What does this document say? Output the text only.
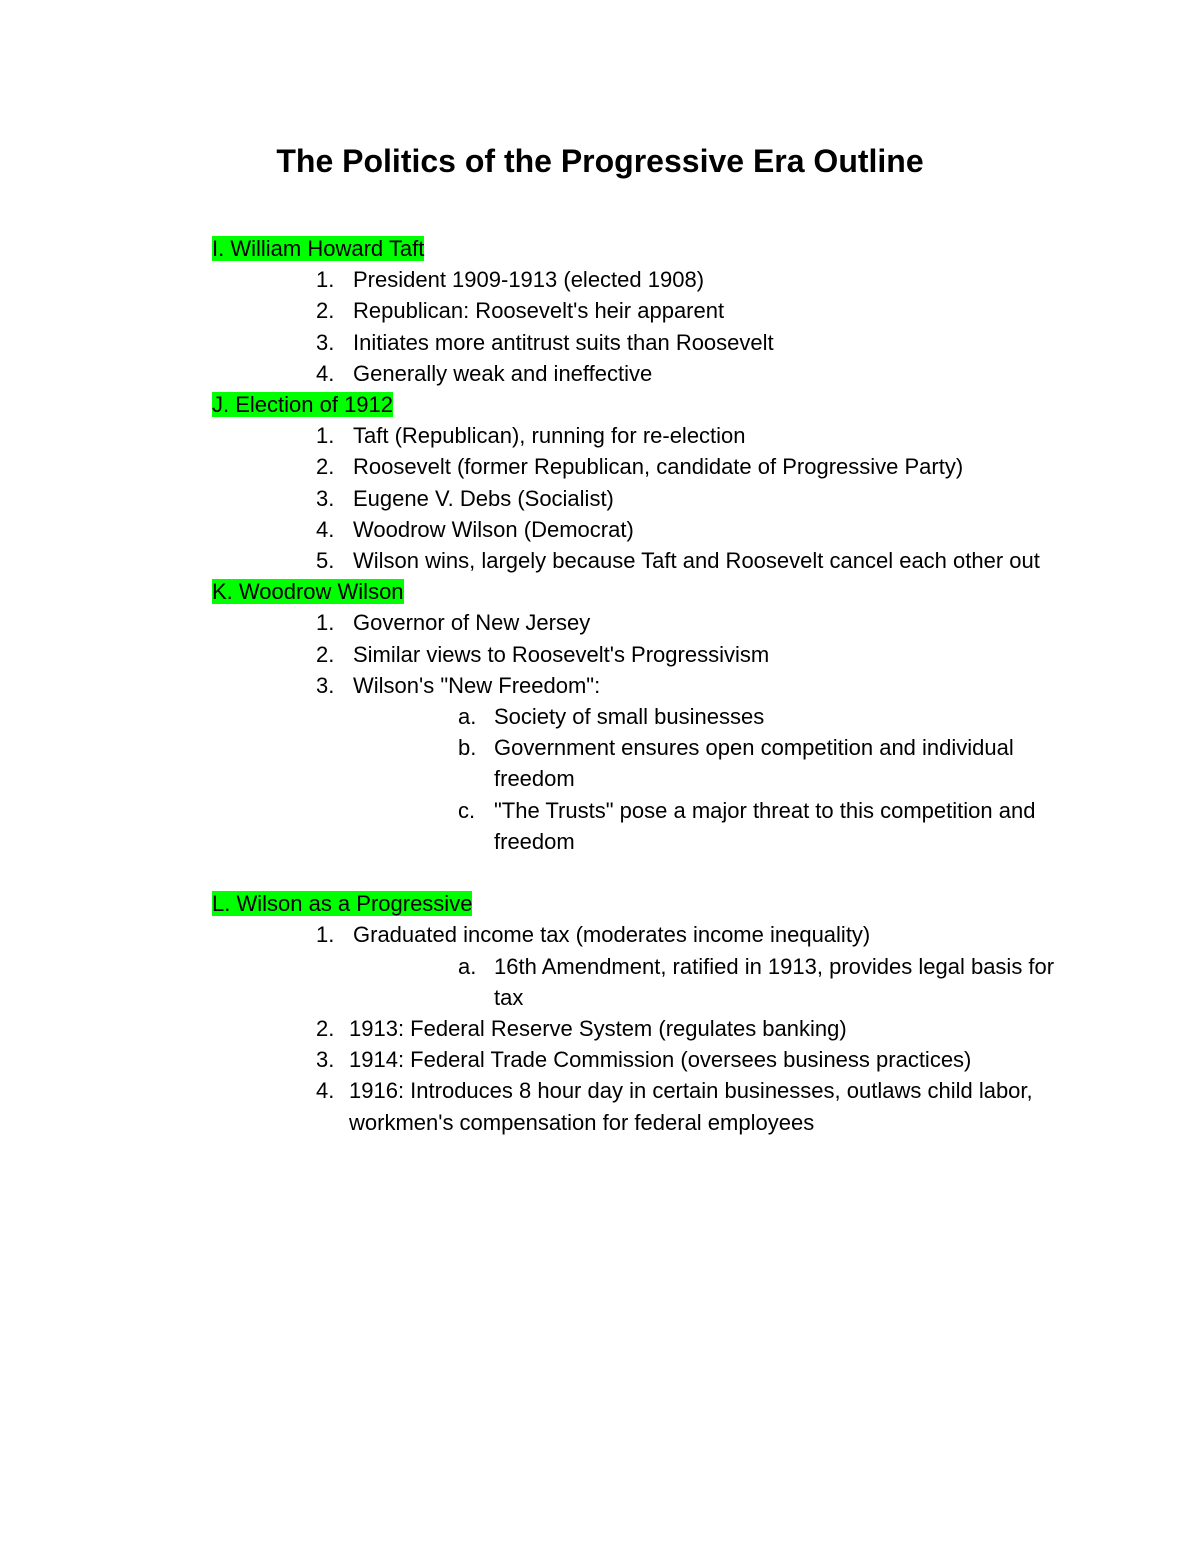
The Politics of the Progressive Era Outline
I. William Howard Taft
1. President 1909-1913 (elected 1908)
2. Republican: Roosevelt's heir apparent
3. Initiates more antitrust suits than Roosevelt
4. Generally weak and ineffective
J. Election of 1912
1. Taft (Republican), running for re-election
2. Roosevelt (former Republican, candidate of Progressive Party)
3. Eugene V. Debs (Socialist)
4. Woodrow Wilson (Democrat)
5. Wilson wins, largely because Taft and Roosevelt cancel each other out
K. Woodrow Wilson
1. Governor of New Jersey
2. Similar views to Roosevelt's Progressivism
3. Wilson's "New Freedom":
a. Society of small businesses
b. Government ensures open competition and individual freedom
c. "The Trusts" pose a major threat to this competition and freedom
L. Wilson as a Progressive
1. Graduated income tax (moderates income inequality)
a. 16th Amendment, ratified in 1913, provides legal basis for tax
2. 1913: Federal Reserve System (regulates banking)
3. 1914: Federal Trade Commission (oversees business practices)
4. 1916: Introduces 8 hour day in certain businesses, outlaws child labor, workmen's compensation for federal employees
